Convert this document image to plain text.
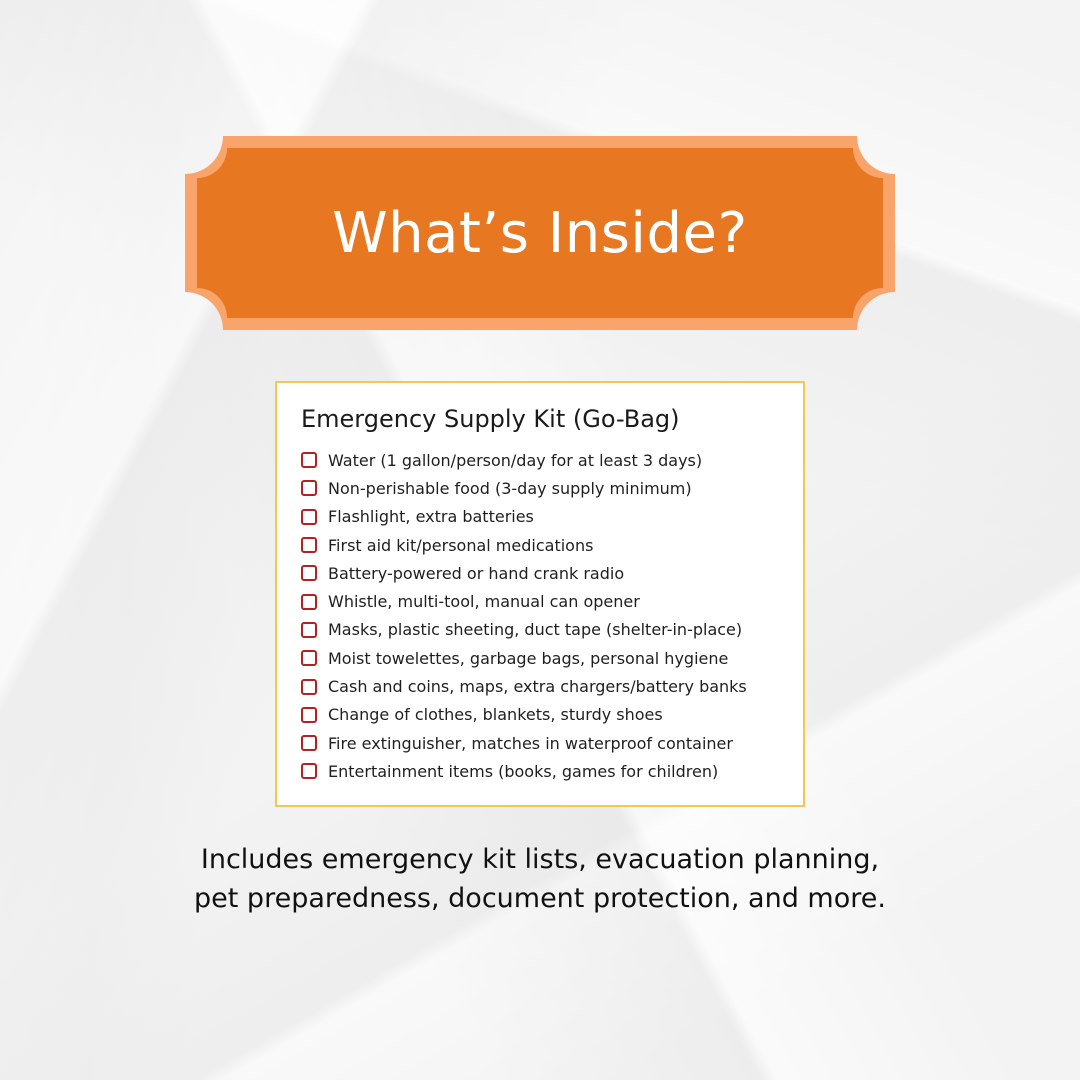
What’s Inside?
Emergency Supply Kit (Go-Bag)
Water (1 gallon/person/day for at least 3 days)
Non-perishable food (3-day supply minimum)
Flashlight, extra batteries
First aid kit/personal medications
Battery-powered or hand crank radio
Whistle, multi-tool, manual can opener
Masks, plastic sheeting, duct tape (shelter-in-place)
Moist towelettes, garbage bags, personal hygiene
Cash and coins, maps, extra chargers/battery banks
Change of clothes, blankets, sturdy shoes
Fire extinguisher, matches in waterproof container
Entertainment items (books, games for children)
Includes emergency kit lists, evacuation planning, pet preparedness, document protection, and more.
